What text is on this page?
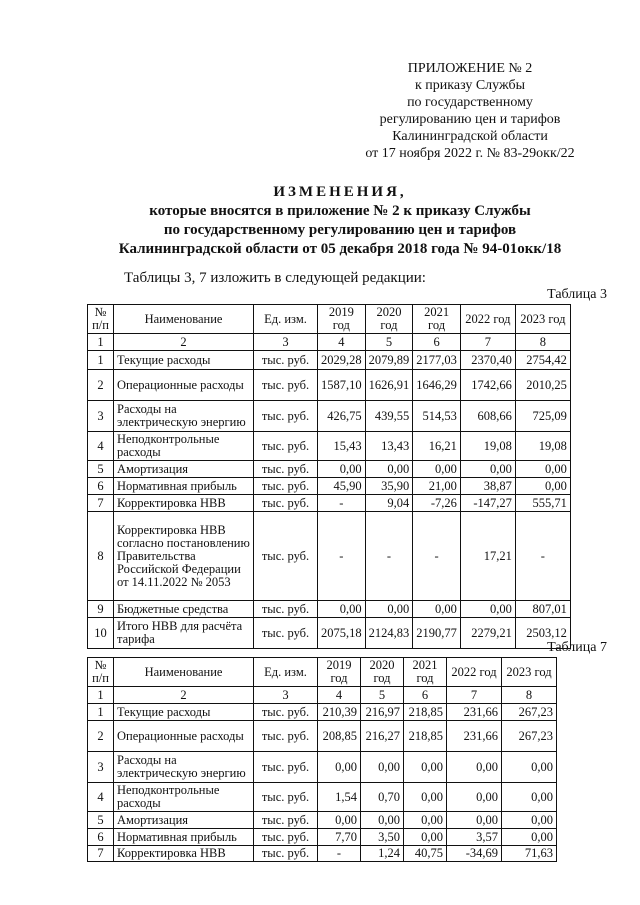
ПРИЛОЖЕНИЕ № 2
к приказу Службы
по государственному
регулированию цен и тарифов
Калининградской области
от 17 ноября 2022 г. № 83-29окк/22
ИЗМЕНЕНИЯ,
которые вносятся в приложение № 2 к приказу Службы
по государственному регулированию цен и тарифов
Калининградской области от 05 декабря 2018 года № 94-01окк/18
Таблицы 3, 7 изложить в следующей редакции:
Таблица 3
№ п/п	Наименование	Ед. изм.	2019 год	2020 год	2021 год	2022 год	2023 год
1	2	3	4	5	6	7	8
1	Текущие расходы	тыс. руб.	2029,28	2079,89	2177,03	2370,40	2754,42
2	Операционные расходы	тыс. руб.	1587,10	1626,91	1646,29	1742,66	2010,25
3	Расходы на электрическую энергию	тыс. руб.	426,75	439,55	514,53	608,66	725,09
4	Неподконтрольные расходы	тыс. руб.	15,43	13,43	16,21	19,08	19,08
5	Амортизация	тыс. руб.	0,00	0,00	0,00	0,00	0,00
6	Нормативная прибыль	тыс. руб.	45,90	35,90	21,00	38,87	0,00
7	Корректировка НВВ	тыс. руб.	-	9,04	-7,26	-147,27	555,71
8	Корректировка НВВ согласно постановлению Правительства Российской Федерации от 14.11.2022 № 2053	тыс. руб.	-	-	-	17,21	-
9	Бюджетные средства	тыс. руб.	0,00	0,00	0,00	0,00	807,01
10	Итого НВВ для расчёта тарифа	тыс. руб.	2075,18	2124,83	2190,77	2279,21	2503,12
Таблица 7
№ п/п	Наименование	Ед. изм.	2019 год	2020 год	2021 год	2022 год	2023 год
1	2	3	4	5	6	7	8
1	Текущие расходы	тыс. руб.	210,39	216,97	218,85	231,66	267,23
2	Операционные расходы	тыс. руб.	208,85	216,27	218,85	231,66	267,23
3	Расходы на электрическую энергию	тыс. руб.	0,00	0,00	0,00	0,00	0,00
4	Неподконтрольные расходы	тыс. руб.	1,54	0,70	0,00	0,00	0,00
5	Амортизация	тыс. руб.	0,00	0,00	0,00	0,00	0,00
6	Нормативная прибыль	тыс. руб.	7,70	3,50	0,00	3,57	0,00
7	Корректировка НВВ	тыс. руб.	-	1,24	40,75	-34,69	71,63
